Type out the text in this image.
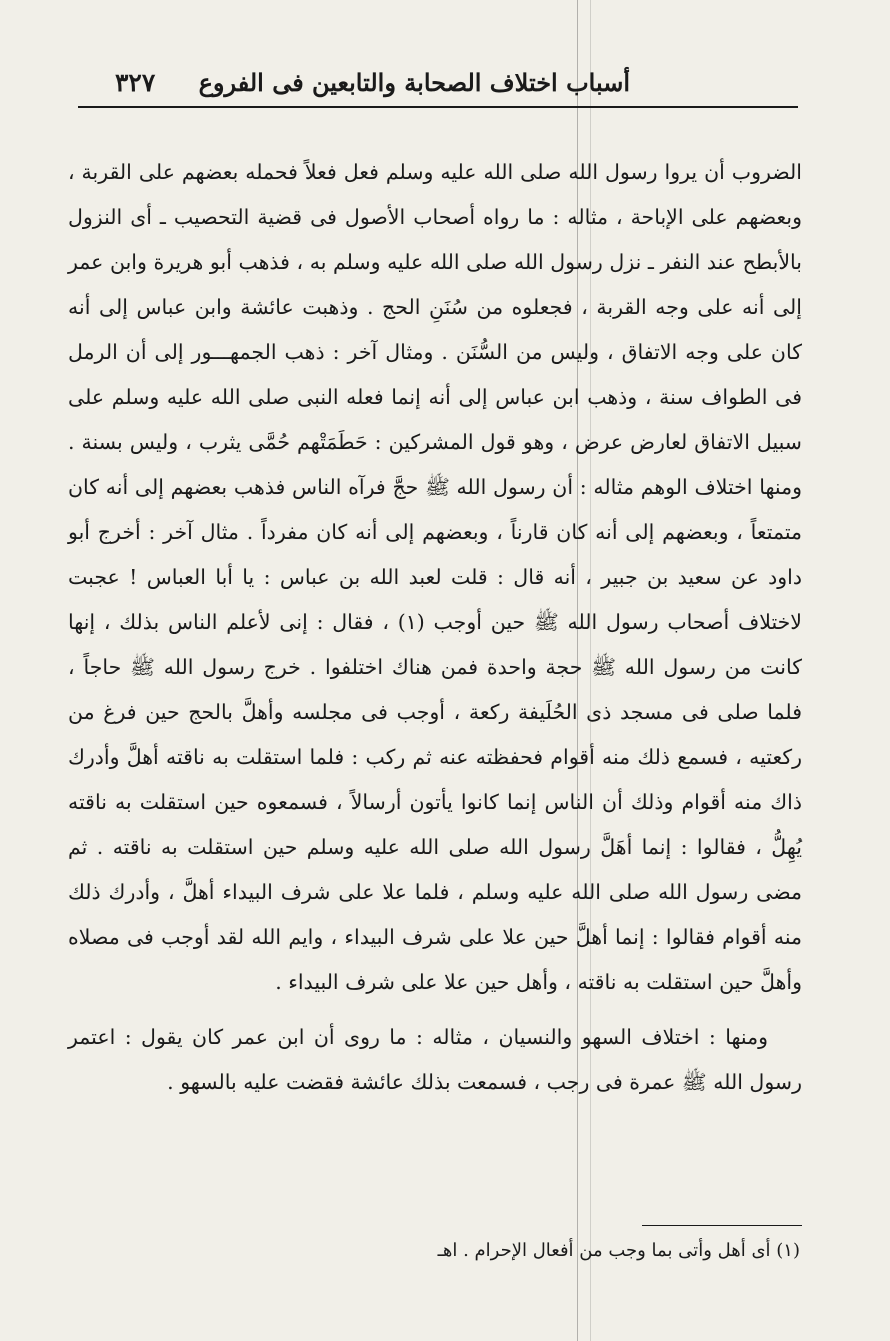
٣٢٧ أسباب اختلاف الصحابة والتابعين فى الفروع

الضروب أن يروا رسول الله صلى الله عليه وسلم فعل فعلاً فحمله بعضهم على القربة ، وبعضهم على الإباحة ، مثاله : ما رواه أصحاب الأصول فى قضية التحصيب ـ أى النزول بالأبطح عند النفر ـ نزل رسول الله صلى الله عليه وسلم به ، فذهب أبو هريرة وابن عمر إلى أنه على وجه القربة ، فجعلوه من سُنَنِ الحج . وذهبت عائشة وابن عباس إلى أنه كان على وجه الاتفاق ، وليس من السُّنَن . ومثال آخر : ذهب الجمهـــور إلى أن الرمل فى الطواف سنة ، وذهب ابن عباس إلى أنه إنما فعله النبى صلى الله عليه وسلم على سبيل الاتفاق لعارض عرض ، وهو قول المشركين : حَطَمَتْهم حُمَّى يثرب ، وليس بسنة . ومنها اختلاف الوهم مثاله : أن رسول الله ﷺ حجَّ فرآه الناس فذهب بعضهم إلى أنه كان متمتعاً ، وبعضهم إلى أنه كان قارناً ، وبعضهم إلى أنه كان مفرداً . مثال آخر : أخرج أبو داود عن سعيد بن جبير ، أنه قال : قلت لعبد الله بن عباس : يا أبا العباس ! عجبت لاختلاف أصحاب رسول الله ﷺ حين أوجب (١) ، فقال : إنى لأعلم الناس بذلك ، إنها كانت من رسول الله ﷺ حجة واحدة فمن هناك اختلفوا . خرج رسول الله ﷺ حاجاً ، فلما صلى فى مسجد ذى الحُلَيفة ركعة ، أوجب فى مجلسه وأهلَّ بالحج حين فرغ من ركعتيه ، فسمع ذلك منه أقوام فحفظته عنه ثم ركب : فلما استقلت به ناقته أهلَّ وأدرك ذاك منه أقوام وذلك أن الناس إنما كانوا يأتون أرسالاً ، فسمعوه حين استقلت به ناقته يُهِلُّ ، فقالوا : إنما أهَلَّ رسول الله صلى الله عليه وسلم حين استقلت به ناقته . ثم مضى رسول الله صلى الله عليه وسلم ، فلما علا على شرف البيداء أهلَّ ، وأدرك ذلك منه أقوام فقالوا : إنما أهلَّ حين علا على شرف البيداء ، وايم الله لقد أوجب فى مصلاه وأهلَّ حين استقلت به ناقته ، وأهل حين علا على شرف البيداء .

ومنها : اختلاف السهو والنسيان ، مثاله : ما روى أن ابن عمر كان يقول : اعتمر رسول الله ﷺ عمرة فى رجب ، فسمعت بذلك عائشة فقضت عليه بالسهو .

(١) أى أهل وأتى بما وجب من أفعال الإحرام . اهـ
